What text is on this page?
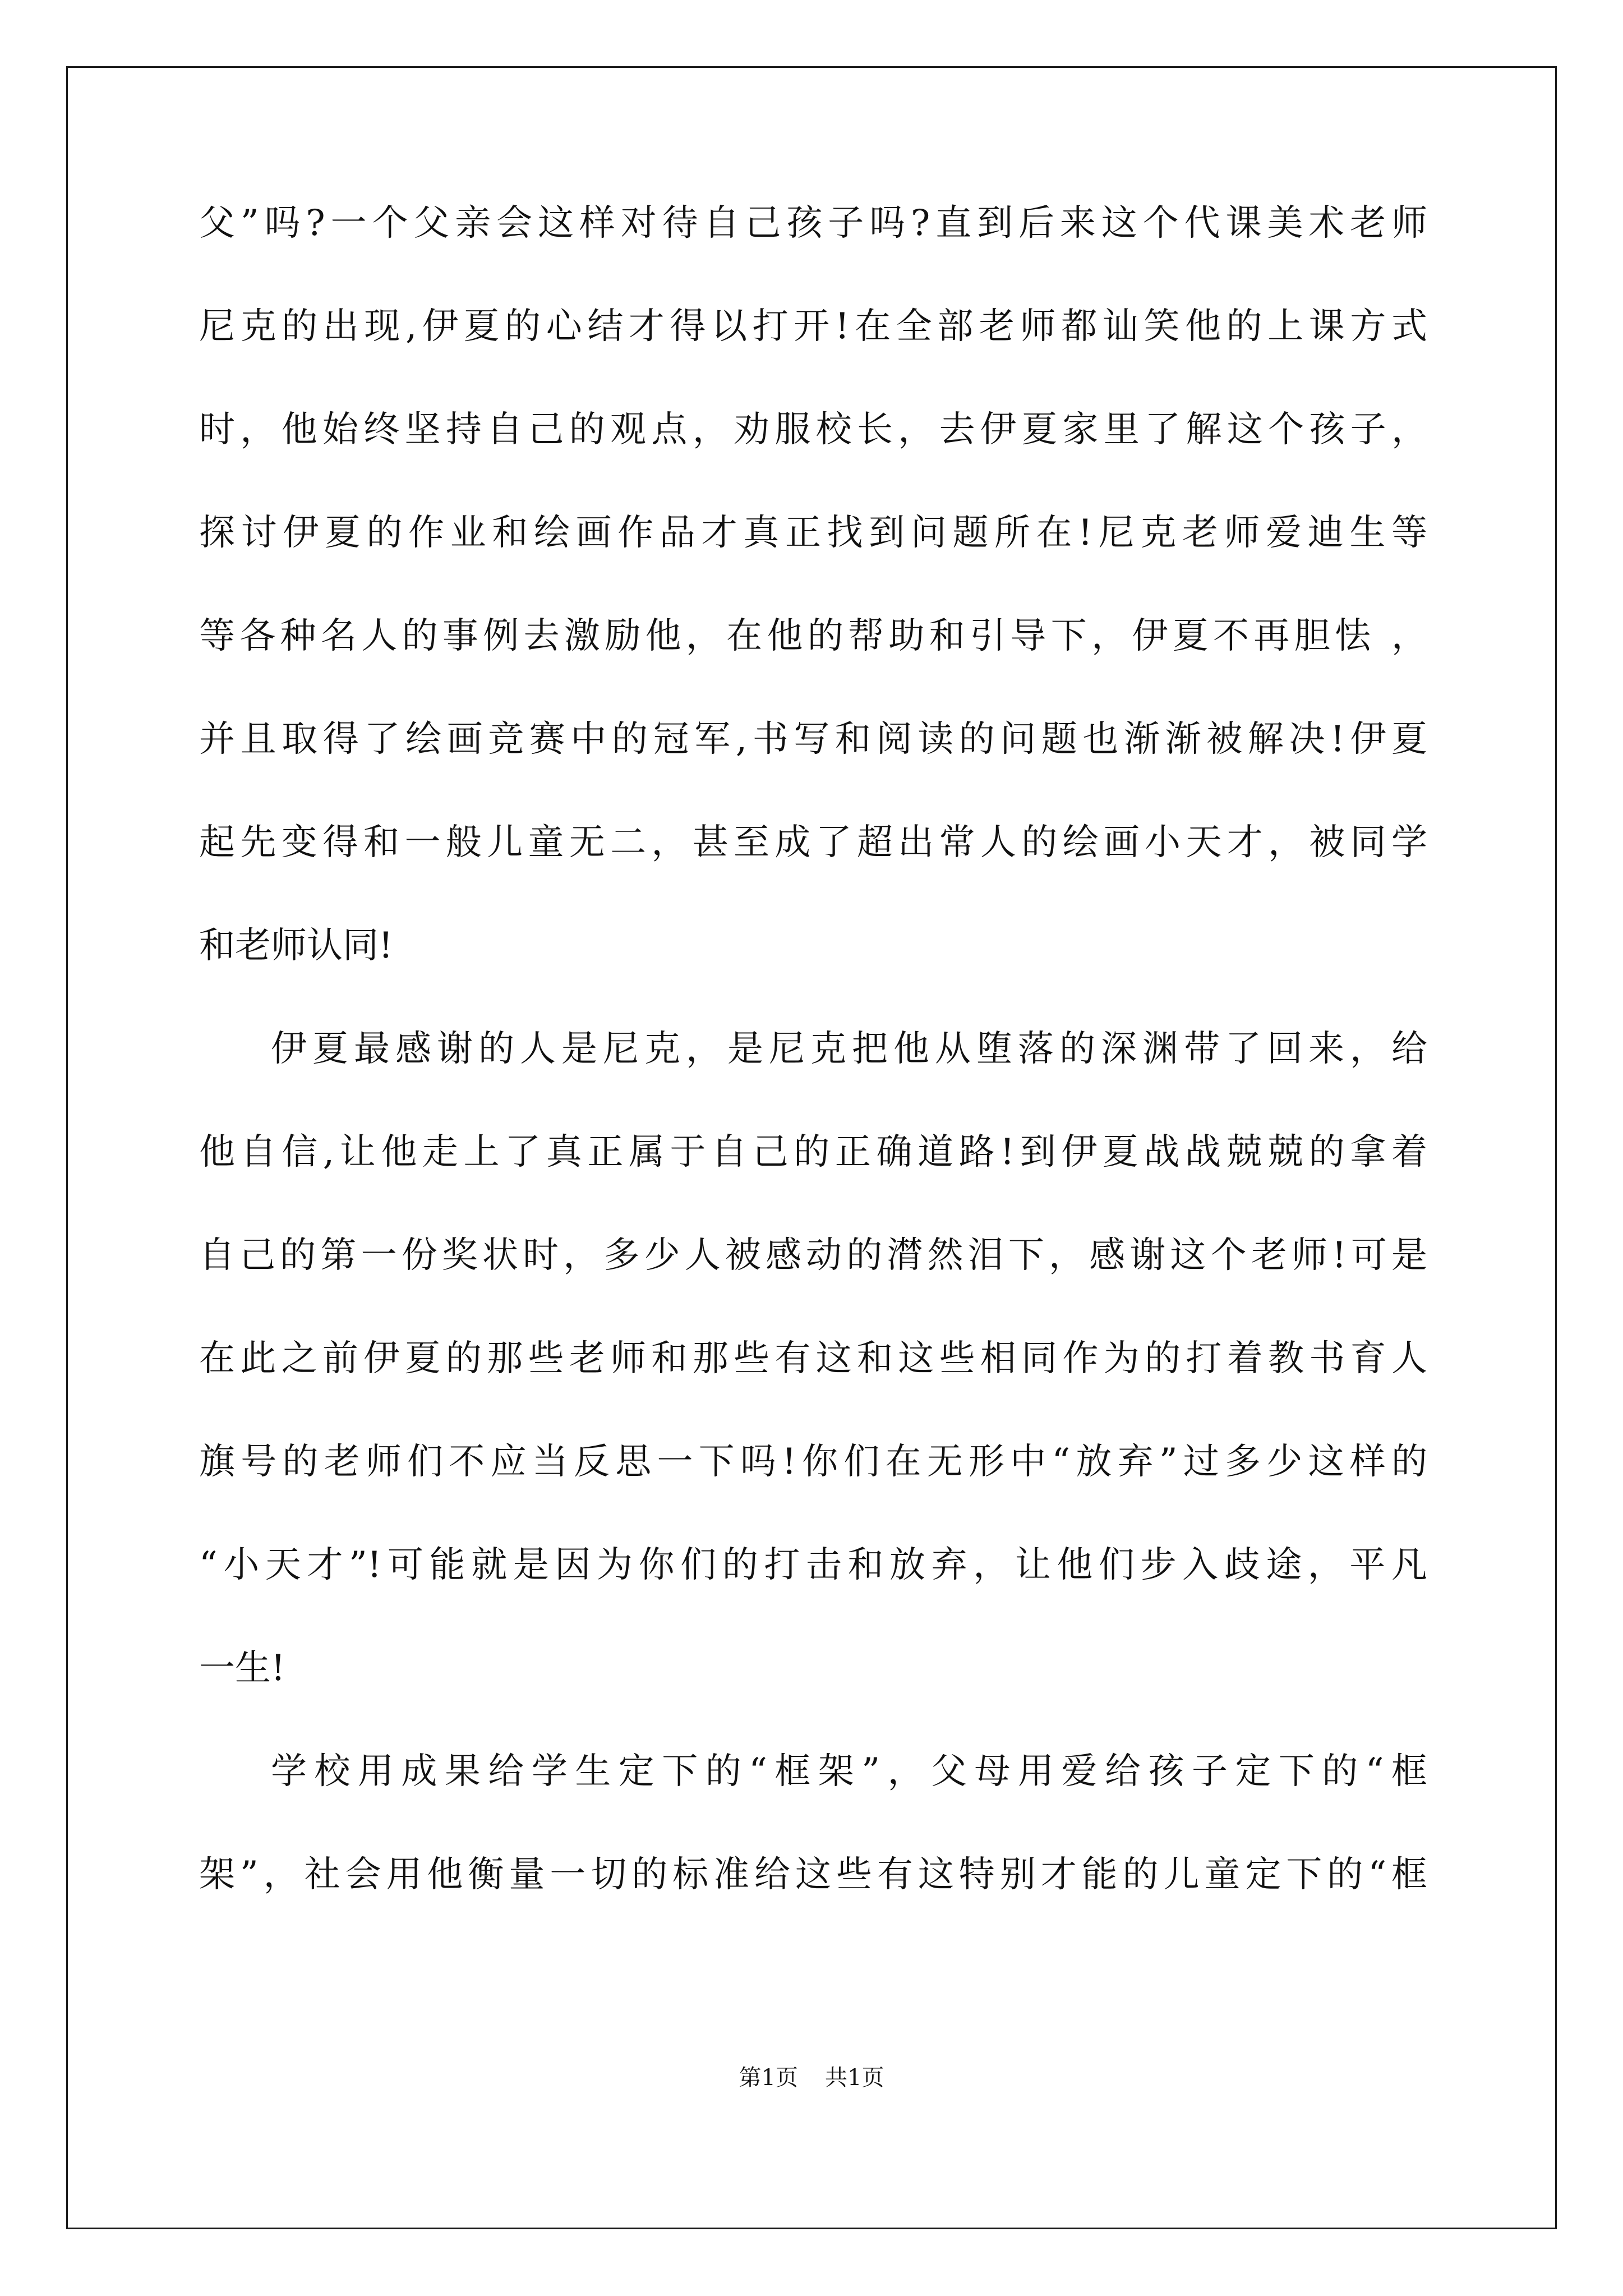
父”吗?一个父亲会这样对待自己孩子吗?直到后来这个代课美术老师
尼克的出现,伊夏的心结才得以打开!在全部老师都讪笑他的上课方式
时，他始终坚持自己的观点，劝服校长，去伊夏家里了解这个孩子，
探讨伊夏的作业和绘画作品才真正找到问题所在!尼克老师爱迪生等
等各种名人的事例去激励他，在他的帮助和引导下，伊夏不再胆怯 ，
并且取得了绘画竞赛中的冠军,书写和阅读的问题也渐渐被解决!伊夏
起先变得和一般儿童无二，甚至成了超出常人的绘画小天才，被同学
和老师认同!
伊夏最感谢的人是尼克，是尼克把他从堕落的深渊带了回来，给
他自信,让他走上了真正属于自己的正确道路!到伊夏战战兢兢的拿着
自己的第一份奖状时，多少人被感动的潸然泪下，感谢这个老师!可是
在此之前伊夏的那些老师和那些有这和这些相同作为的打着教书育人
旗号的老师们不应当反思一下吗!你们在无形中“放弃”过多少这样的
“小天才”!可能就是因为你们的打击和放弃，让他们步入歧途，平凡
一生!
学校用成果给学生定下的“框架”，父母用爱给孩子定下的“框
架”，社会用他衡量一切的标准给这些有这特别才能的儿童定下的“框
第1页 共1页
